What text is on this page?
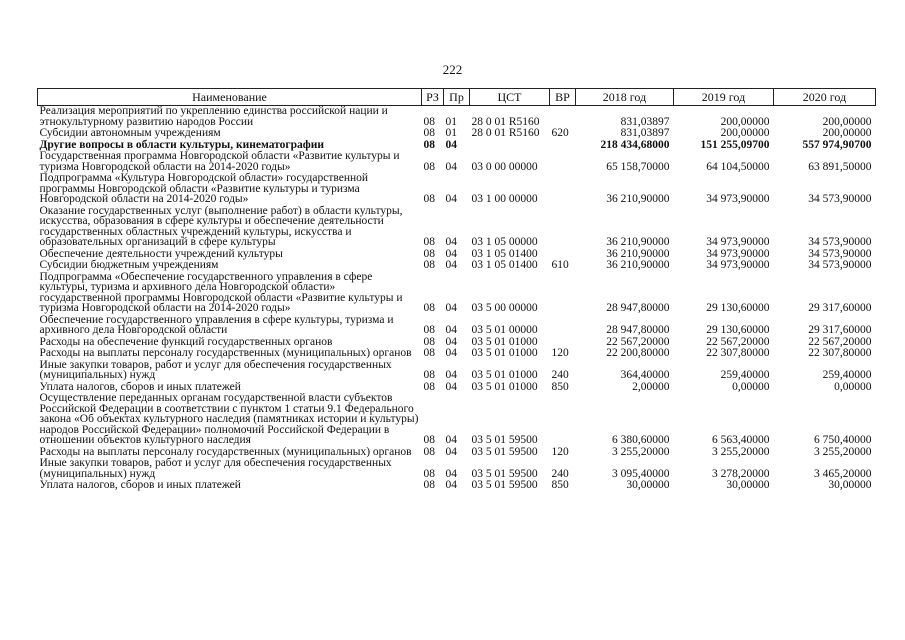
222
Наименование	РЗ	Пр	ЦСТ	ВР	2018 год	2019 год	2020 год
Реализация мероприятий по укреплению единства российской нации и этнокультурному развитию народов России	08	01	28 0 01 R5160		831,03897	200,00000	200,00000
Субсидии автономным учреждениям	08	01	28 0 01 R5160	620	831,03897	200,00000	200,00000
Другие вопросы в области культуры, кинематографии	08	04			218 434,68000	151 255,09700	557 974,90700
Государственная программа Новгородской области «Развитие культуры и туризма Новгородской области на 2014-2020 годы»	08	04	03 0 00 00000		65 158,70000	64 104,50000	63 891,50000
Подпрограмма «Культура Новгородской области» государственной программы Новгородской области «Развитие культуры и туризма Новгородской области на 2014-2020 годы»	08	04	03 1 00 00000		36 210,90000	34 973,90000	34 573,90000
Оказание государственных услуг (выполнение работ) в области культуры, искусства, образования в сфере культуры и обеспечение деятельности государственных областных учреждений культуры, искусства и образовательных организаций в сфере культуры	08	04	03 1 05 00000		36 210,90000	34 973,90000	34 573,90000
Обеспечение деятельности учреждений культуры	08	04	03 1 05 01400		36 210,90000	34 973,90000	34 573,90000
Субсидии бюджетным учреждениям	08	04	03 1 05 01400	610	36 210,90000	34 973,90000	34 573,90000
Подпрограмма «Обеспечение государственного управления в сфере культуры, туризма и архивного дела Новгородской области» государственной программы Новгородской области «Развитие культуры и туризма Новгородской области на 2014-2020 годы»	08	04	03 5 00 00000		28 947,80000	29 130,60000	29 317,60000
Обеспечение государственного управления в сфере культуры, туризма и архивного дела Новгородской области	08	04	03 5 01 00000		28 947,80000	29 130,60000	29 317,60000
Расходы на обеспечение функций государственных органов	08	04	03 5 01 01000		22 567,20000	22 567,20000	22 567,20000
Расходы на выплаты персоналу государственных (муниципальных) органов	08	04	03 5 01 01000	120	22 200,80000	22 307,80000	22 307,80000
Иные закупки товаров, работ и услуг для обеспечения государственных (муниципальных) нужд	08	04	03 5 01 01000	240	364,40000	259,40000	259,40000
Уплата налогов, сборов и иных платежей	08	04	03 5 01 01000	850	2,00000	0,00000	0,00000
Осуществление переданных органам государственной власти субъектов Российской Федерации в соответствии с пунктом 1 статьи 9.1 Федерального закона «Об объектах культурного наследия (памятниках истории и культуры) народов Российской Федерации» полномочий Российской Федерации в отношении объектов культурного наследия	08	04	03 5 01 59500		6 380,60000	6 563,40000	6 750,40000
Расходы на выплаты персоналу государственных (муниципальных) органов	08	04	03 5 01 59500	120	3 255,20000	3 255,20000	3 255,20000
Иные закупки товаров, работ и услуг для обеспечения государственных (муниципальных) нужд	08	04	03 5 01 59500	240	3 095,40000	3 278,20000	3 465,20000
Уплата налогов, сборов и иных платежей	08	04	03 5 01 59500	850	30,00000	30,00000	30,00000
